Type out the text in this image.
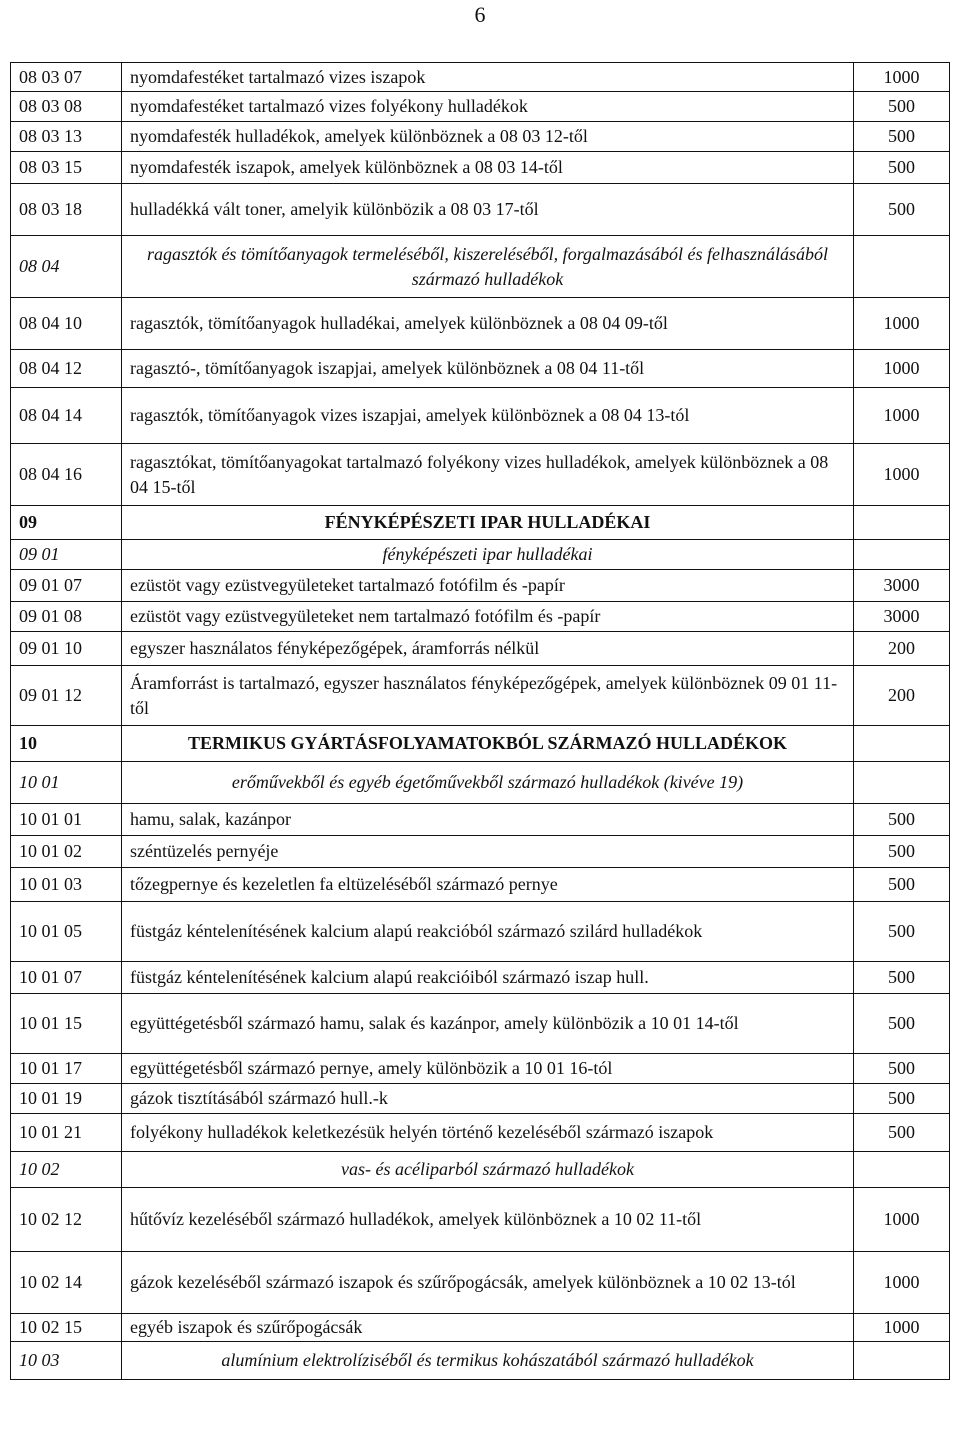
6
08 03 07	nyomdafestéket tartalmazó vizes iszapok	1000
08 03 08	nyomdafestéket tartalmazó vizes folyékony hulladékok	500
08 03 13	nyomdafesték hulladékok, amelyek különböznek a 08 03 12-től	500
08 03 15	nyomdafesték iszapok, amelyek különböznek a 08 03 14-től	500
08 03 18	hulladékká vált toner, amelyik különbözik a 08 03 17-től	500
08 04	ragasztók és tömítőanyagok termeléséből, kiszereléséből, forgalmazásából és felhasználásából származó hulladékok	
08 04 10	ragasztók, tömítőanyagok hulladékai, amelyek különböznek a 08 04 09-től	1000
08 04 12	ragasztó-, tömítőanyagok iszapjai, amelyek különböznek a 08 04 11-től	1000
08 04 14	ragasztók, tömítőanyagok vizes iszapjai, amelyek különböznek a 08 04 13-tól	1000
08 04 16	ragasztókat, tömítőanyagokat tartalmazó folyékony vizes hulladékok, amelyek különböznek a 08 04 15-től	1000
09	FÉNYKÉPÉSZETI IPAR HULLADÉKAI	
09 01	fényképészeti ipar hulladékai	
09 01 07	ezüstöt vagy ezüstvegyületeket tartalmazó fotófilm és -papír	3000
09 01 08	ezüstöt vagy ezüstvegyületeket nem tartalmazó fotófilm és -papír	3000
09 01 10	egyszer használatos fényképezőgépek, áramforrás nélkül	200
09 01 12	Áramforrást is tartalmazó, egyszer használatos fényképezőgépek, amelyek különböznek 09 01 11-től	200
10	TERMIKUS GYÁRTÁSFOLYAMATOKBÓL SZÁRMAZÓ HULLADÉKOK	
10 01	erőművekből és egyéb égetőművekből származó hulladékok (kivéve 19)	
10 01 01	hamu, salak, kazánpor	500
10 01 02	széntüzelés pernyéje	500
10 01 03	tőzegpernye és kezeletlen fa eltüzeléséből származó pernye	500
10 01 05	füstgáz kéntelenítésének kalcium alapú reakcióból származó szilárd hulladékok	500
10 01 07	füstgáz kéntelenítésének kalcium alapú reakcióiból származó iszap hull.	500
10 01 15	együttégetésből származó hamu, salak és kazánpor, amely különbözik a 10 01 14-től	500
10 01 17	együttégetésből származó pernye, amely különbözik a 10 01 16-tól	500
10 01 19	gázok tisztításából származó hull.-k	500
10 01 21	folyékony hulladékok keletkezésük helyén történő kezeléséből származó iszapok	500
10 02	vas- és acéliparból származó hulladékok	
10 02 12	hűtővíz kezeléséből származó hulladékok, amelyek különböznek a 10 02 11-től	1000
10 02 14	gázok kezeléséből származó iszapok és szűrőpogácsák, amelyek különböznek a 10 02 13-tól	1000
10 02 15	egyéb iszapok és szűrőpogácsák	1000
10 03	alumínium elektrolíziséből és termikus kohászatából származó hulladékok	
